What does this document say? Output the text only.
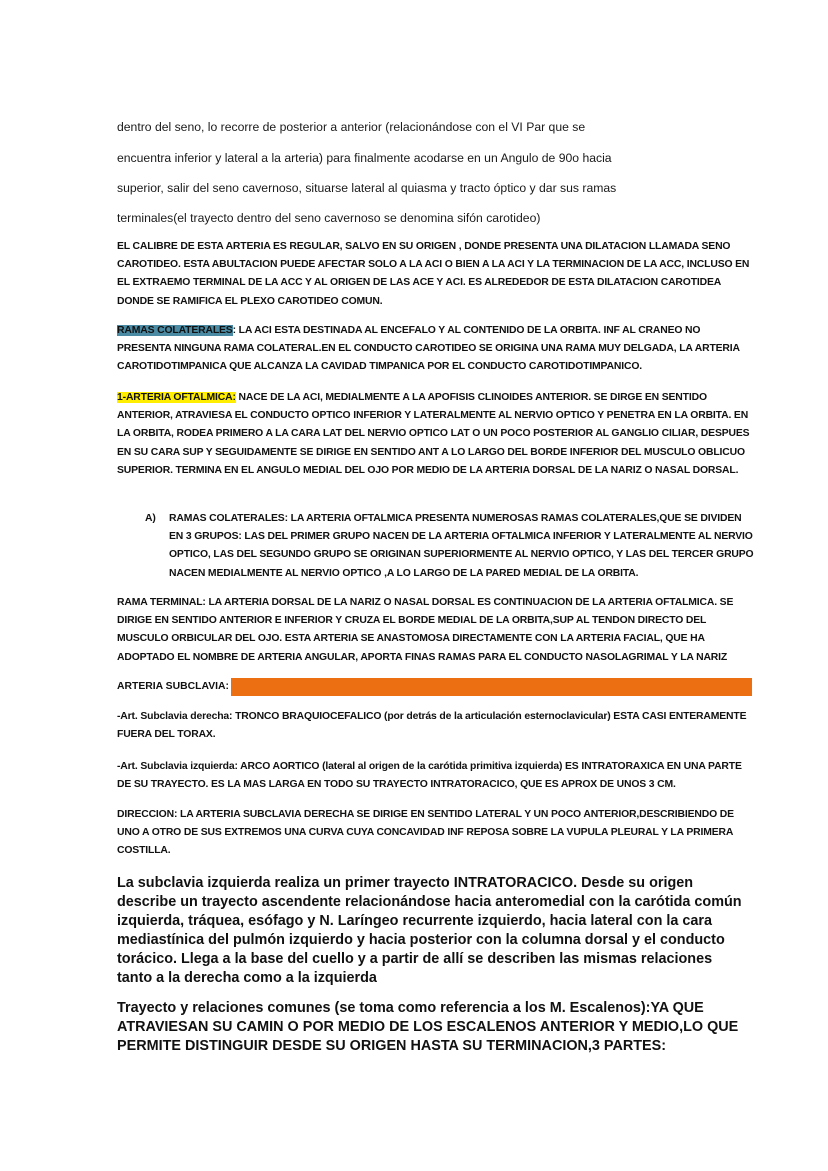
dentro del seno, lo recorre de posterior a anterior (relacionándose con el VI Par que se
encuentra inferior y lateral a la arteria) para finalmente acodarse en un Angulo de 90o hacia
superior, salir del seno cavernoso, situarse lateral al quiasma y tracto óptico y dar sus ramas
terminales(el trayecto dentro del seno cavernoso se denomina sifón carotideo)

EL CALIBRE DE ESTA ARTERIA ES REGULAR, SALVO EN SU ORIGEN , DONDE PRESENTA UNA DILATACION LLAMADA SENO CAROTIDEO. ESTA ABULTACION PUEDE AFECTAR SOLO A LA ACI O BIEN A LA ACI Y LA TERMINACION DE LA ACC, INCLUSO EN EL EXTRAEMO TERMINAL DE LA ACC Y AL ORIGEN DE LAS ACE Y ACI. ES ALREDEDOR DE ESTA DILATACION CAROTIDEA DONDE SE RAMIFICA EL PLEXO CAROTIDEO COMUN.

RAMAS COLATERALES: LA ACI ESTA DESTINADA AL ENCEFALO Y AL CONTENIDO DE LA ORBITA. INF AL CRANEO NO PRESENTA NINGUNA RAMA COLATERAL.EN EL CONDUCTO CAROTIDEO SE ORIGINA UNA RAMA MUY DELGADA, LA ARTERIA CAROTIDOTIMPANICA QUE ALCANZA LA CAVIDAD TIMPANICA POR EL CONDUCTO CAROTIDOTIMPANICO.

1-ARTERIA OFTALMICA: NACE DE LA ACI, MEDIALMENTE A LA APOFISIS CLINOIDES ANTERIOR. SE DIRGE EN SENTIDO ANTERIOR, ATRAVIESA EL CONDUCTO OPTICO INFERIOR Y LATERALMENTE AL NERVIO OPTICO Y PENETRA EN LA ORBITA. EN LA ORBITA, RODEA PRIMERO A LA CARA LAT DEL NERVIO OPTICO LAT O UN POCO POSTERIOR AL GANGLIO CILIAR, DESPUES EN SU CARA SUP Y SEGUIDAMENTE SE DIRIGE EN SENTIDO ANT A LO LARGO DEL BORDE INFERIOR DEL MUSCULO OBLICUO SUPERIOR. TERMINA EN EL ANGULO MEDIAL DEL OJO POR MEDIO DE LA ARTERIA DORSAL DE LA NARIZ O NASAL DORSAL.

A) RAMAS COLATERALES: LA ARTERIA OFTALMICA PRESENTA NUMEROSAS RAMAS COLATERALES,QUE SE DIVIDEN EN 3 GRUPOS: LAS DEL PRIMER GRUPO NACEN DE LA ARTERIA OFTALMICA INFERIOR Y LATERALMENTE AL NERVIO OPTICO, LAS DEL SEGUNDO GRUPO SE ORIGINAN SUPERIORMENTE AL NERVIO OPTICO, Y LAS DEL TERCER GRUPO NACEN MEDIALMENTE AL NERVIO OPTICO ,A LO LARGO DE LA PARED MEDIAL DE LA ORBITA.

RAMA TERMINAL: LA ARTERIA DORSAL DE LA NARIZ O NASAL DORSAL ES CONTINUACION DE LA ARTERIA OFTALMICA. SE DIRIGE EN SENTIDO ANTERIOR E INFERIOR Y CRUZA EL BORDE MEDIAL DE LA ORBITA,SUP AL TENDON DIRECTO DEL MUSCULO ORBICULAR DEL OJO. ESTA ARTERIA SE ANASTOMOSA DIRECTAMENTE CON LA ARTERIA FACIAL, QUE HA ADOPTADO EL NOMBRE DE ARTERIA ANGULAR, APORTA FINAS RAMAS PARA EL CONDUCTO NASOLAGRIMAL Y LA NARIZ

ARTERIA SUBCLAVIA:

-Art. Subclavia derecha: TRONCO BRAQUIOCEFALICO (por detrás de la articulación esternoclavicular) ESTA CASI ENTERAMENTE FUERA DEL TORAX.

-Art. Subclavia izquierda: ARCO AORTICO (lateral al origen de la carótida primitiva izquierda) ES INTRATORAXICA EN UNA PARTE DE SU TRAYECTO. ES LA MAS LARGA EN TODO SU TRAYECTO INTRATORACICO, QUE ES APROX DE UNOS 3 CM.

DIRECCION: LA ARTERIA SUBCLAVIA DERECHA SE DIRIGE EN SENTIDO LATERAL Y UN POCO ANTERIOR,DESCRIBIENDO DE UNO A OTRO DE SUS EXTREMOS UNA CURVA CUYA CONCAVIDAD INF REPOSA SOBRE LA VUPULA PLEURAL Y LA PRIMERA COSTILLA.

La subclavia izquierda realiza un primer trayecto INTRATORACICO. Desde su origen describe un trayecto ascendente relacionándose hacia anteromedial con la carótida común izquierda, tráquea, esófago y N. Laríngeo recurrente izquierdo, hacia lateral con la cara mediastínica del pulmón izquierdo y hacia posterior con la columna dorsal y el conducto torácico. Llega a la base del cuello y a partir de allí se describen las mismas relaciones tanto a la derecha como a la izquierda

Trayecto y relaciones comunes (se toma como referencia a los M. Escalenos):YA QUE ATRAVIESAN SU CAMIN O POR MEDIO DE LOS ESCALENOS ANTERIOR Y MEDIO,LO QUE PERMITE DISTINGUIR DESDE SU ORIGEN HASTA SU TERMINACION,3 PARTES:
